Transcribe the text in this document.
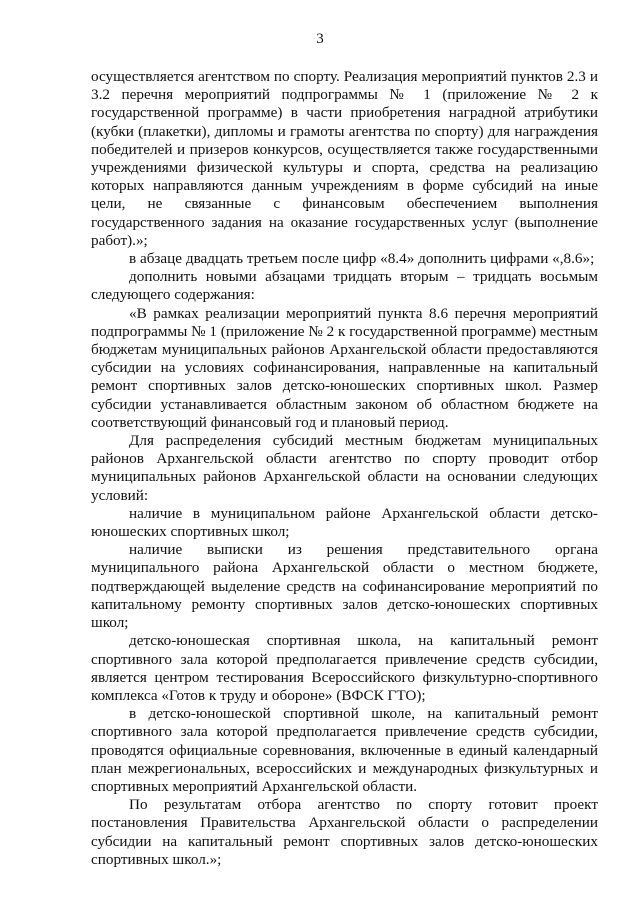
3

осуществляется агентством по спорту. Реализация мероприятий пунктов 2.3 и 3.2 перечня мероприятий подпрограммы № 1 (приложение № 2 к государственной программе) в части приобретения наградной атрибутики (кубки (плакетки), дипломы и грамоты агентства по спорту) для награждения победителей и призеров конкурсов, осуществляется также государственными учреждениями физической культуры и спорта, средства на реализацию которых направляются данным учреждениям в форме субсидий на иные цели, не связанные с финансовым обеспечением выполнения государственного задания на оказание государственных услуг (выполнение работ).»;

в абзаце двадцать третьем после цифр «8.4» дополнить цифрами «,8.6»;

дополнить новыми абзацами тридцать вторым – тридцать восьмым следующего содержания:

«В рамках реализации мероприятий пункта 8.6 перечня мероприятий подпрограммы № 1 (приложение № 2 к государственной программе) местным бюджетам муниципальных районов Архангельской области предоставляются субсидии на условиях софинансирования, направленные на капитальный ремонт спортивных залов детско-юношеских спортивных школ. Размер субсидии устанавливается областным законом об областном бюджете на соответствующий финансовый год и плановый период.

Для распределения субсидий местным бюджетам муниципальных районов Архангельской области агентство по спорту проводит отбор муниципальных районов Архангельской области на основании следующих условий:

наличие в муниципальном районе Архангельской области детско-юношеских спортивных школ;

наличие выписки из решения представительного органа муниципального района Архангельской области о местном бюджете, подтверждающей выделение средств на софинансирование мероприятий по капитальному ремонту спортивных залов детско-юношеских спортивных школ;

детско-юношеская спортивная школа, на капитальный ремонт спортивного зала которой предполагается привлечение средств субсидии, является центром тестирования Всероссийского физкультурно-спортивного комплекса «Готов к труду и обороне» (ВФСК ГТО);

в детско-юношеской спортивной школе, на капитальный ремонт спортивного зала которой предполагается привлечение средств субсидии, проводятся официальные соревнования, включенные в единый календарный план межрегиональных, всероссийских и международных физкультурных и спортивных мероприятий Архангельской области.

По результатам отбора агентство по спорту готовит проект постановления Правительства Архангельской области о распределении субсидии на капитальный ремонт спортивных залов детско-юношеских спортивных школ.»;
